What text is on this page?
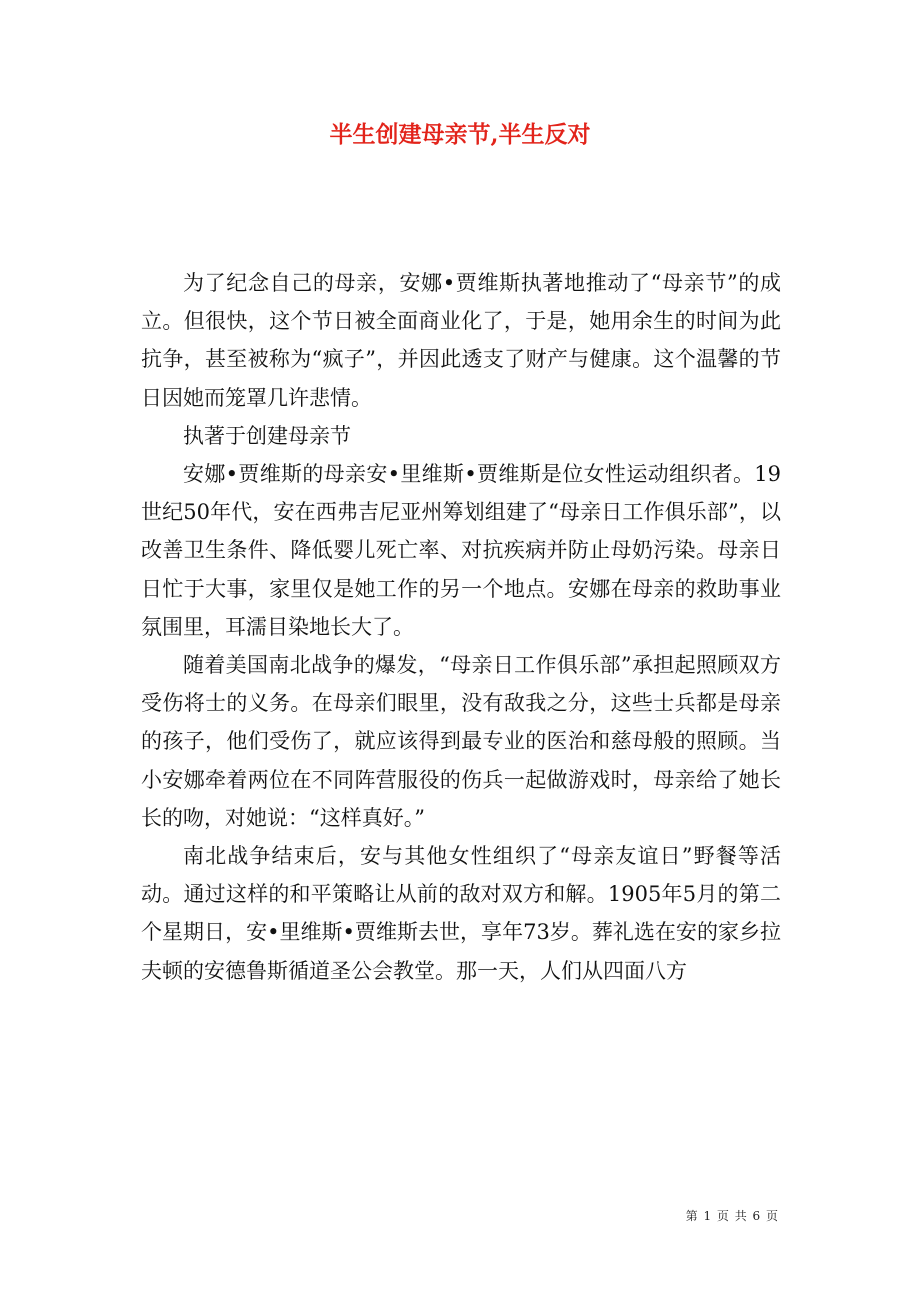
半生创建母亲节,半生反对

为了纪念自己的母亲，安娜•贾维斯执著地推动了“母亲节”的成立。但很快，这个节日被全面商业化了，于是，她用余生的时间为此抗争，甚至被称为“疯子”，并因此透支了财产与健康。这个温馨的节日因她而笼罩几许悲情。

执著于创建母亲节

安娜•贾维斯的母亲安•里维斯•贾维斯是位女性运动组织者。19世纪50年代，安在西弗吉尼亚州筹划组建了“母亲日工作俱乐部”，以改善卫生条件、降低婴儿死亡率、对抗疾病并防止母奶污染。母亲日日忙于大事，家里仅是她工作的另一个地点。安娜在母亲的救助事业氛围里，耳濡目染地长大了。

随着美国南北战争的爆发，“母亲日工作俱乐部”承担起照顾双方受伤将士的义务。在母亲们眼里，没有敌我之分，这些士兵都是母亲的孩子，他们受伤了，就应该得到最专业的医治和慈母般的照顾。当小安娜牵着两位在不同阵营服役的伤兵一起做游戏时，母亲给了她长长的吻，对她说：“这样真好。”

南北战争结束后，安与其他女性组织了“母亲友谊日”野餐等活动。通过这样的和平策略让从前的敌对双方和解。1905年5月的第二个星期日，安•里维斯•贾维斯去世，享年73岁。葬礼选在安的家乡拉夫顿的安德鲁斯循道圣公会教堂。那一天，人们从四面八方

第 1 页 共 6 页
